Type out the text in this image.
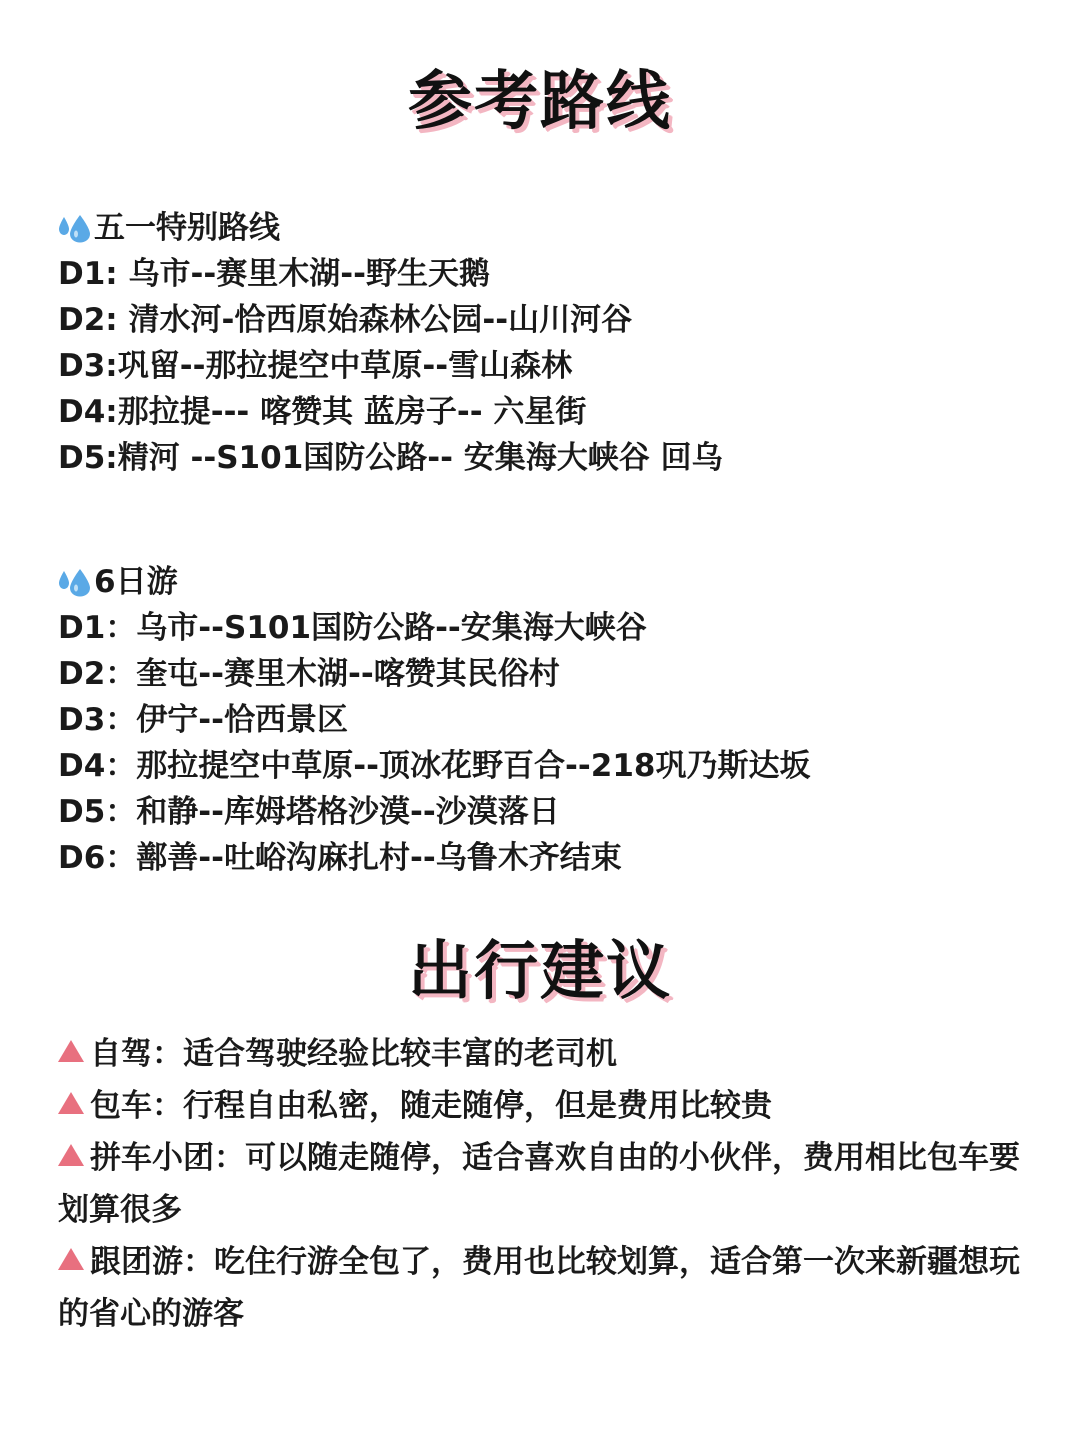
参考路线
五一特别路线
D1: 乌市--赛里木湖--野生天鹅
D2: 清水河-恰西原始森林公园--山川河谷
D3:巩留--那拉提空中草原--雪山森林
D4:那拉提--- 喀赞其 蓝房子-- 六星街
D5:精河 --S101国防公路-- 安集海大峡谷 回乌
6日游
D1：乌市--S101国防公路--安集海大峡谷
D2：奎屯--赛里木湖--喀赞其民俗村
D3：伊宁--恰西景区
D4：那拉提空中草原--顶冰花野百合--218巩乃斯达坂
D5：和静--库姆塔格沙漠--沙漠落日
D6：鄯善--吐峪沟麻扎村--乌鲁木齐结束
出行建议
自驾：适合驾驶经验比较丰富的老司机
包车：行程自由私密，随走随停，但是费用比较贵
拼车小团：可以随走随停，适合喜欢自由的小伙伴，费用相比包车要划算很多
跟团游：吃住行游全包了，费用也比较划算，适合第一次来新疆想玩的省心的游客
